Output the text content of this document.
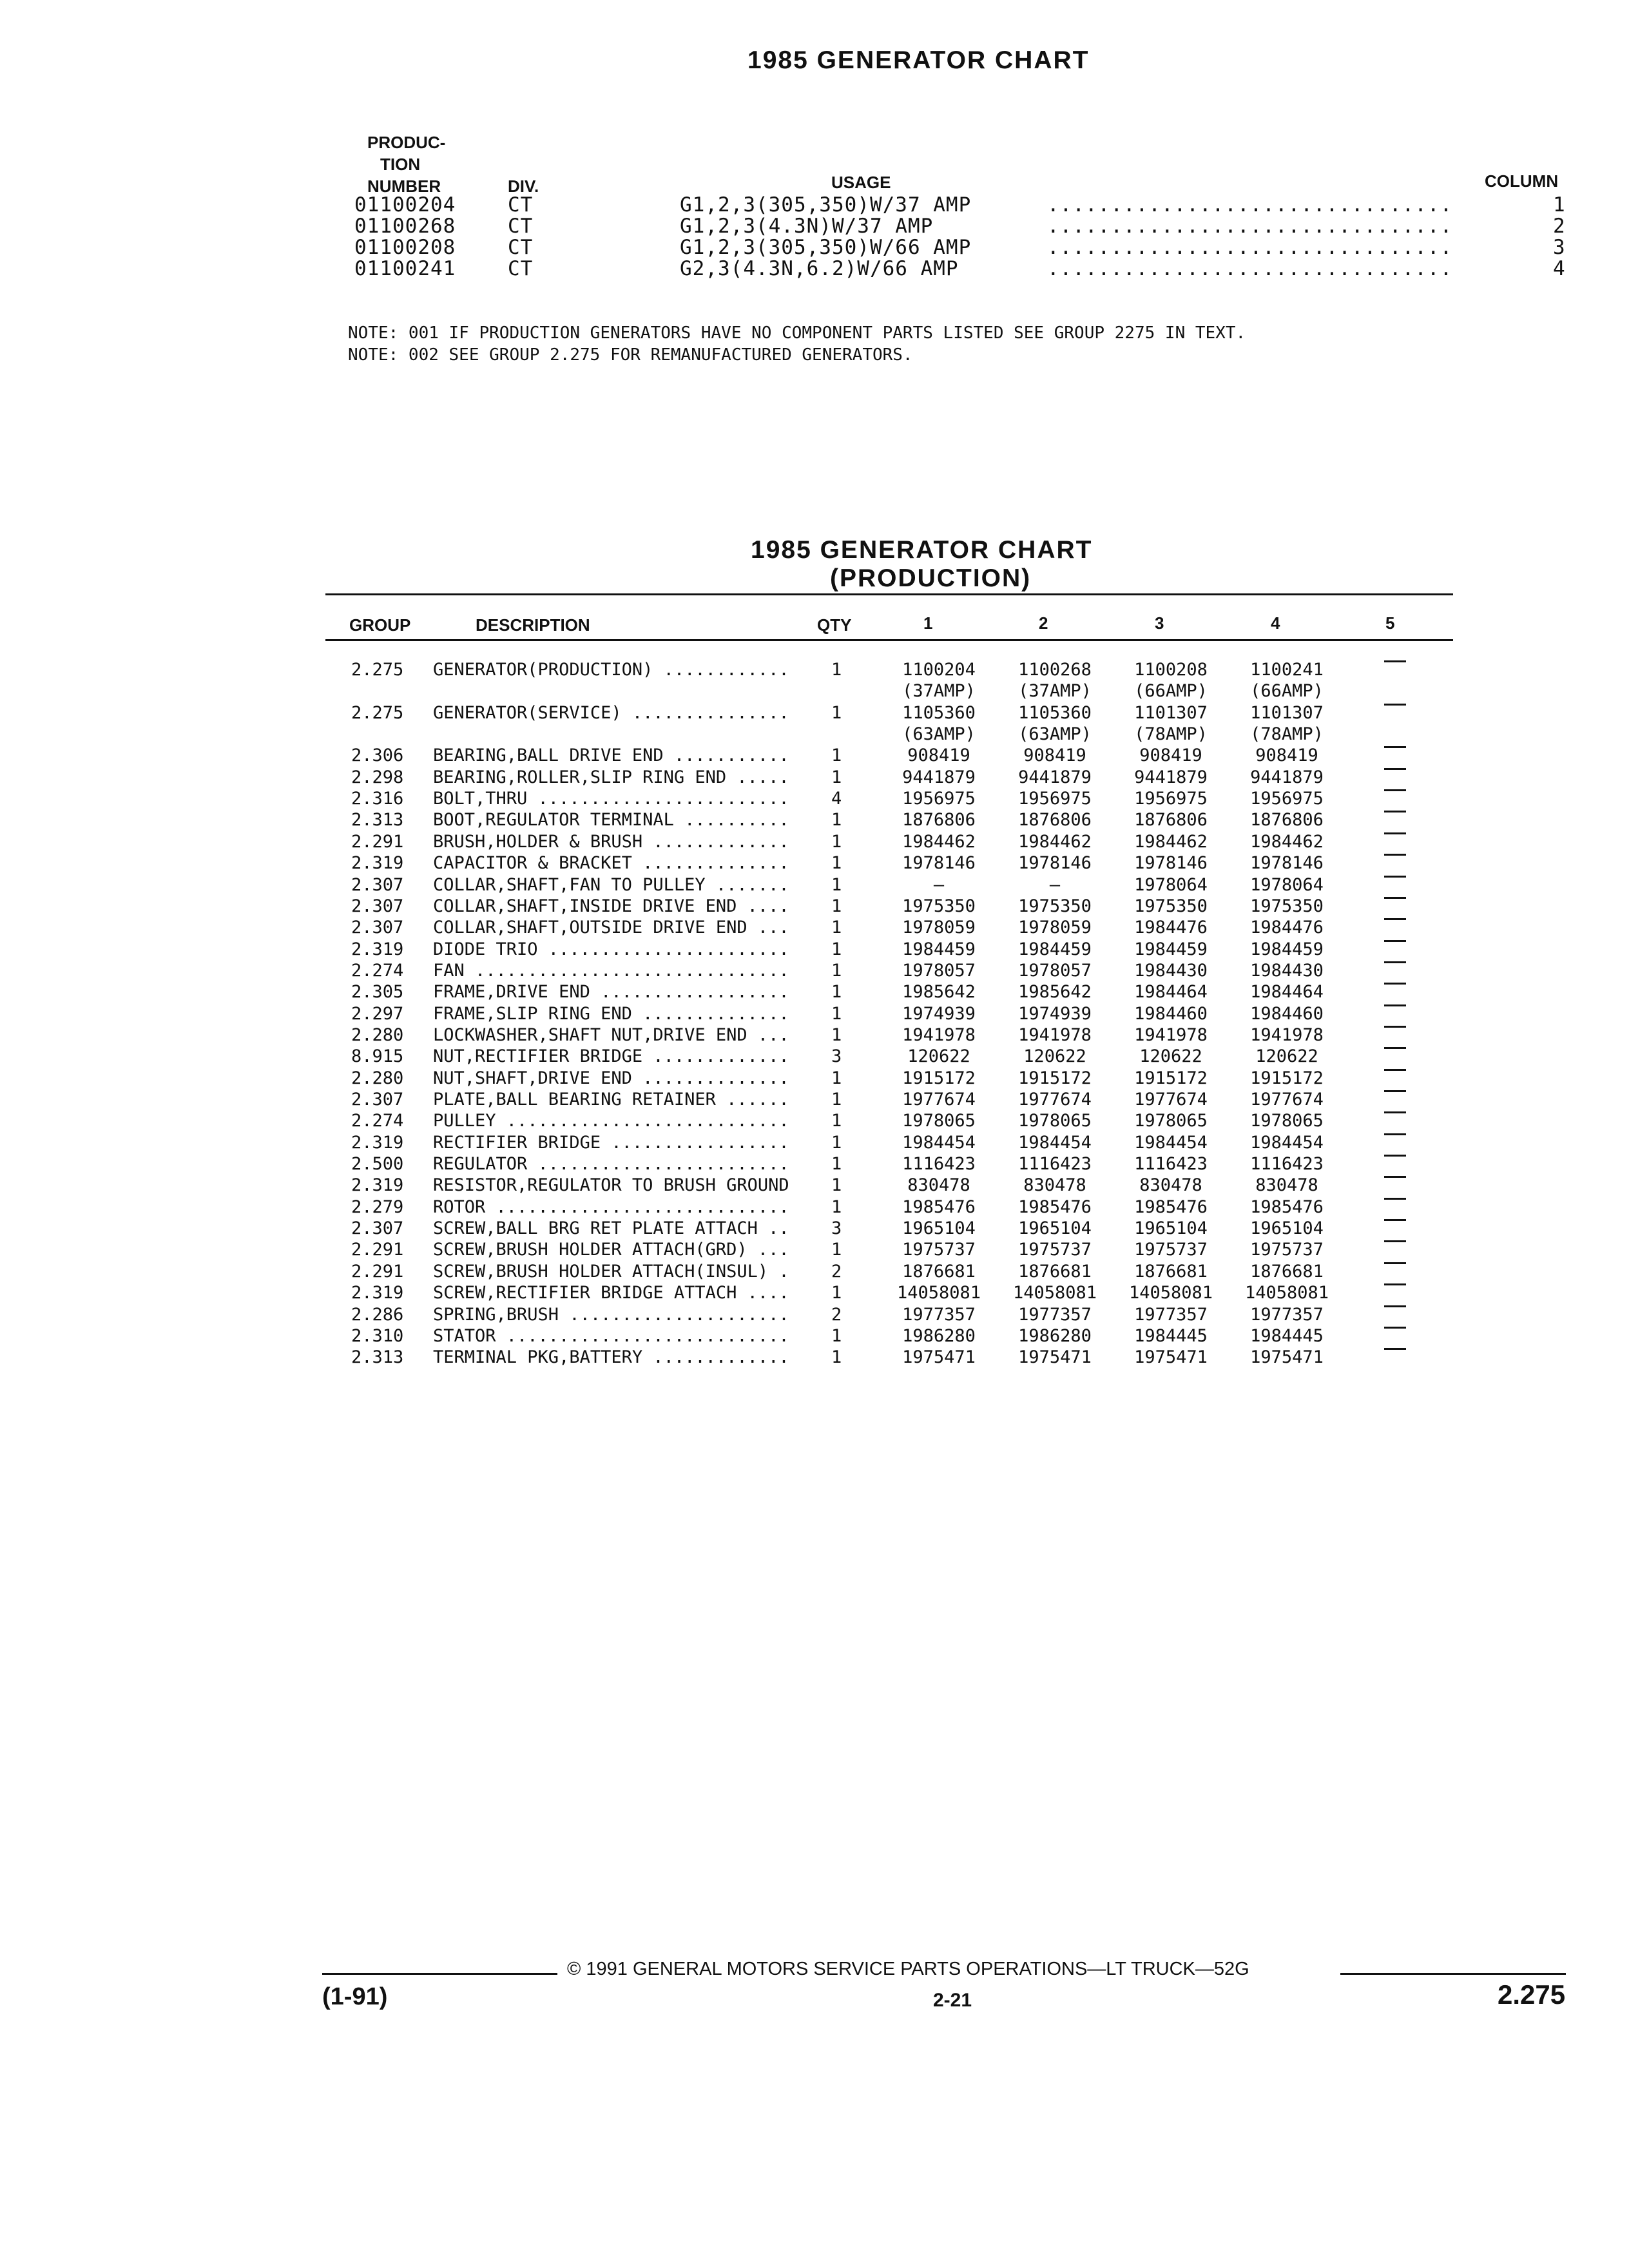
1985 GENERATOR CHART
PRODUC-
TION
NUMBER	DIV.	USAGE	COLUMN
01100204	CT	G1,2,3(305,350)W/37 AMP	................................	1
01100268	CT	G1,2,3(4.3N)W/37 AMP	................................	2
01100208	CT	G1,2,3(305,350)W/66 AMP	................................	3
01100241	CT	G2,3(4.3N,6.2)W/66 AMP	................................	4
NOTE: 001 IF PRODUCTION GENERATORS HAVE NO COMPONENT PARTS LISTED SEE GROUP 2275 IN TEXT.
NOTE: 002 SEE GROUP 2.275 FOR REMANUFACTURED GENERATORS.
1985 GENERATOR CHART
(PRODUCTION)
GROUP	DESCRIPTION	QTY	1	2	3	4	5
2.275 GENERATOR(PRODUCTION) ............ 1	1100204	1100268	1100208	1100241
(37AMP)	(37AMP)	(66AMP)	(66AMP)
2.275 GENERATOR(SERVICE) ............... 1	1105360	1105360	1101307	1101307
(63AMP)	(63AMP)	(78AMP)	(78AMP)
2.306 BEARING,BALL DRIVE END ........... 1	908419	908419	908419	908419
2.298 BEARING,ROLLER,SLIP RING END ..... 1	9441879	9441879	9441879	9441879
2.316 BOLT,THRU ........................ 4	1956975	1956975	1956975	1956975
2.313 BOOT,REGULATOR TERMINAL .......... 1	1876806	1876806	1876806	1876806
2.291 BRUSH,HOLDER & BRUSH ............. 1	1984462	1984462	1984462	1984462
2.319 CAPACITOR & BRACKET .............. 1	1978146	1978146	1978146	1978146
2.307 COLLAR,SHAFT,FAN TO PULLEY ....... 1	—	—	1978064	1978064
2.307 COLLAR,SHAFT,INSIDE DRIVE END .... 1	1975350	1975350	1975350	1975350
2.307 COLLAR,SHAFT,OUTSIDE DRIVE END ... 1	1978059	1978059	1984476	1984476
2.319 DIODE TRIO ....................... 1	1984459	1984459	1984459	1984459
2.274 FAN .............................. 1	1978057	1978057	1984430	1984430
2.305 FRAME,DRIVE END .................. 1	1985642	1985642	1984464	1984464
2.297 FRAME,SLIP RING END .............. 1	1974939	1974939	1984460	1984460
2.280 LOCKWASHER,SHAFT NUT,DRIVE END ... 1	1941978	1941978	1941978	1941978
8.915 NUT,RECTIFIER BRIDGE ............. 3	120622	120622	120622	120622
2.280 NUT,SHAFT,DRIVE END .............. 1	1915172	1915172	1915172	1915172
2.307 PLATE,BALL BEARING RETAINER ...... 1	1977674	1977674	1977674	1977674
2.274 PULLEY ........................... 1	1978065	1978065	1978065	1978065
2.319 RECTIFIER BRIDGE ................. 1	1984454	1984454	1984454	1984454
2.500 REGULATOR ........................ 1	1116423	1116423	1116423	1116423
2.319 RESISTOR,REGULATOR TO BRUSH GROUND 1	830478	830478	830478	830478
2.279 ROTOR ............................ 1	1985476	1985476	1985476	1985476
2.307 SCREW,BALL BRG RET PLATE ATTACH .. 3	1965104	1965104	1965104	1965104
2.291 SCREW,BRUSH HOLDER ATTACH(GRD) ... 1	1975737	1975737	1975737	1975737
2.291 SCREW,BRUSH HOLDER ATTACH(INSUL) . 2	1876681	1876681	1876681	1876681
2.319 SCREW,RECTIFIER BRIDGE ATTACH .... 1	14058081	14058081	14058081	14058081
2.286 SPRING,BRUSH ..................... 2	1977357	1977357	1977357	1977357
2.310 STATOR ........................... 1	1986280	1986280	1984445	1984445
2.313 TERMINAL PKG,BATTERY ............. 1	1975471	1975471	1975471	1975471
© 1991 GENERAL MOTORS SERVICE PARTS OPERATIONS—LT TRUCK—52G
(1-91)	2-21	2.275
